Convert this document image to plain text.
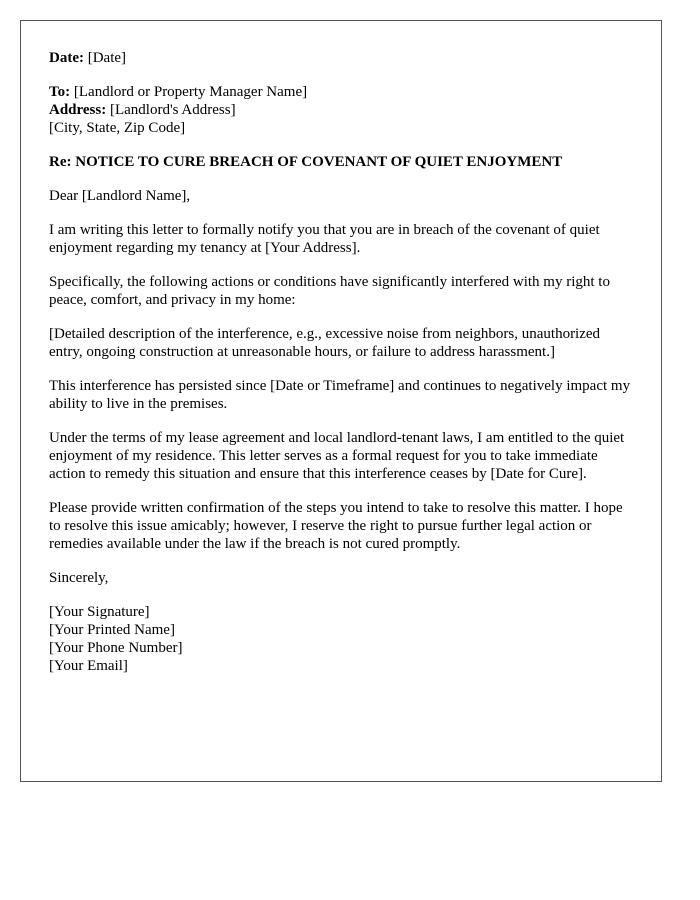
Date: [Date]
To: [Landlord or Property Manager Name]
Address: [Landlord's Address]
[City, State, Zip Code]
Re: NOTICE TO CURE BREACH OF COVENANT OF QUIET ENJOYMENT

Dear [Landlord Name],

I am writing this letter to formally notify you that you are in breach of the covenant of quiet enjoyment regarding my tenancy at [Your Address].

Specifically, the following actions or conditions have significantly interfered with my right to peace, comfort, and privacy in my home:

[Detailed description of the interference, e.g., excessive noise from neighbors, unauthorized entry, ongoing construction at unreasonable hours, or failure to address harassment.]

This interference has persisted since [Date or Timeframe] and continues to negatively impact my ability to live in the premises.

Under the terms of my lease agreement and local landlord-tenant laws, I am entitled to the quiet enjoyment of my residence. This letter serves as a formal request for you to take immediate action to remedy this situation and ensure that this interference ceases by [Date for Cure].

Please provide written confirmation of the steps you intend to take to resolve this matter. I hope to resolve this issue amicably; however, I reserve the right to pursue further legal action or remedies available under the law if the breach is not cured promptly.

Sincerely,

[Your Signature]
[Your Printed Name]
[Your Phone Number]
[Your Email]
